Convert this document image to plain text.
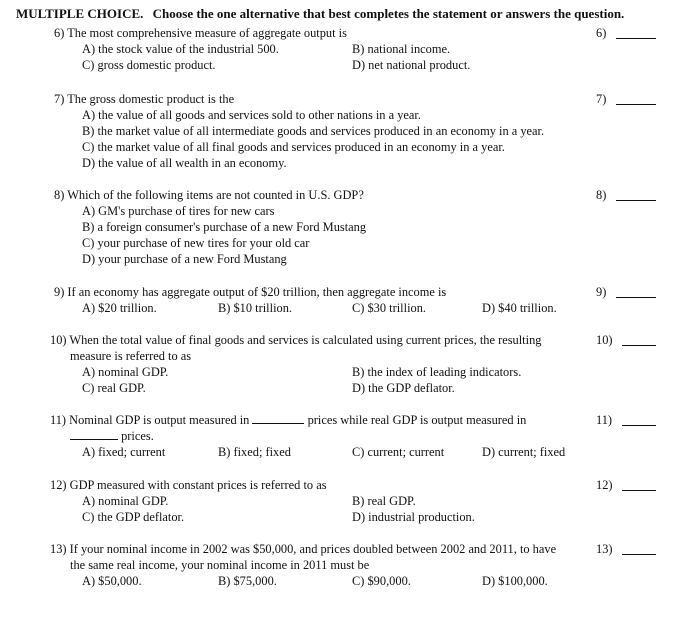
MULTIPLE CHOICE. Choose the one alternative that best completes the statement or answers the question.
6) The most comprehensive measure of aggregate output is	6)
A) the stock value of the industrial 500.	B) national income.
C) gross domestic product.	D) net national product.
7) The gross domestic product is the	7)
A) the value of all goods and services sold to other nations in a year.
B) the market value of all intermediate goods and services produced in an economy in a year.
C) the market value of all final goods and services produced in an economy in a year.
D) the value of all wealth in an economy.
8) Which of the following items are not counted in U.S. GDP?	8)
A) GM's purchase of tires for new cars
B) a foreign consumer's purchase of a new Ford Mustang
C) your purchase of new tires for your old car
D) your purchase of a new Ford Mustang
9) If an economy has aggregate output of $20 trillion, then aggregate income is	9)
A) $20 trillion.	B) $10 trillion.	C) $30 trillion.	D) $40 trillion.
10) When the total value of final goods and services is calculated using current prices, the resulting	10)
measure is referred to as
A) nominal GDP.	B) the index of leading indicators.
C) real GDP.	D) the GDP deflator.
11) Nominal GDP is output measured in	prices while real GDP is output measured in	11)
prices.
A) fixed; current	B) fixed; fixed	C) current; current	D) current; fixed
12) GDP measured with constant prices is referred to as	12)
A) nominal GDP.	B) real GDP.
C) the GDP deflator.	D) industrial production.
13) If your nominal income in 2002 was $50,000, and prices doubled between 2002 and 2011, to have	13)
the same real income, your nominal income in 2011 must be
A) $50,000.	B) $75,000.	C) $90,000.	D) $100,000.
